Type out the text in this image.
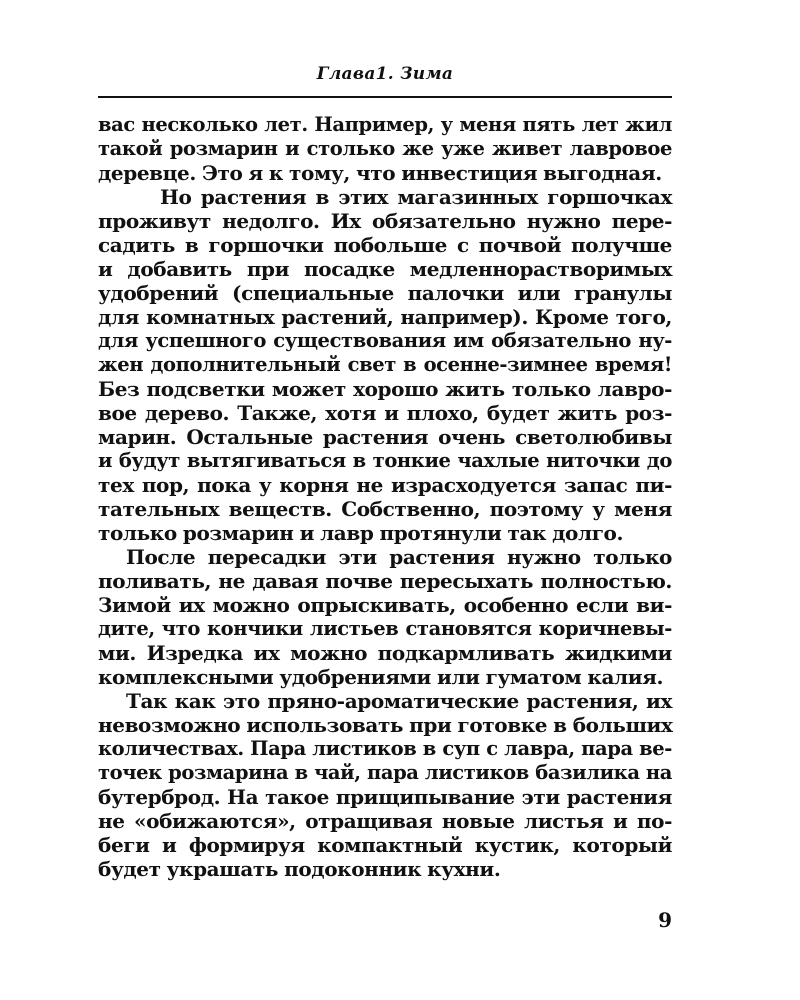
Глава1. Зима
вас несколько лет. Например, у меня пять лет жил
такой розмарин и столько же уже живет лавровое
деревце. Это я к тому, что инвестиция выгодная.
Но растения в этих магазинных горшочках
проживут недолго. Их обязательно нужно пере-
садить в горшочки побольше с почвой получше
и добавить при посадке медленнорастворимых
удобрений (специальные палочки или гранулы
для комнатных растений, например). Кроме того,
для успешного существования им обязательно ну-
жен дополнительный свет в осенне-зимнее время!
Без подсветки может хорошо жить только лавро-
вое дерево. Также, хотя и плохо, будет жить роз-
марин. Остальные растения очень светолюбивы
и будут вытягиваться в тонкие чахлые ниточки до
тех пор, пока у корня не израсходуется запас пи-
тательных веществ. Собственно, поэтому у меня
только розмарин и лавр протянули так долго.
После пересадки эти растения нужно только
поливать, не давая почве пересыхать полностью.
Зимой их можно опрыскивать, особенно если ви-
дите, что кончики листьев становятся коричневы-
ми. Изредка их можно подкармливать жидкими
комплексными удобрениями или гуматом калия.
Так как это пряно-ароматические растения, их
невозможно использовать при готовке в больших
количествах. Пара листиков в суп с лавра, пара ве-
точек розмарина в чай, пара листиков базилика на
бутерброд. На такое прищипывание эти растения
не «обижаются», отращивая новые листья и по-
беги и формируя компактный кустик, который
будет украшать подоконник кухни.
9
